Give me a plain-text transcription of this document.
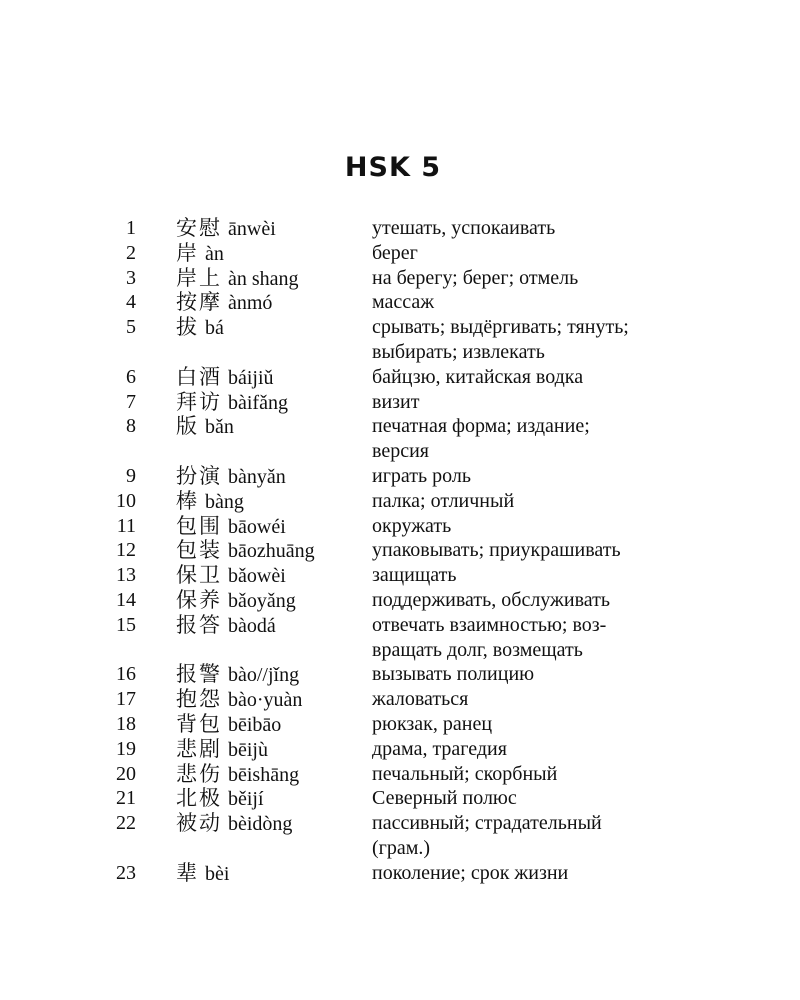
HSK 5
1 安慰 ānwèi	утешать, успокаивать
2 岸 àn	берег
3 岸上 àn shang	на берегу; берег; отмель
4 按摩 ànmó	массаж
5 拔 bá	срывать; выдёргивать; тянуть;
выбирать; извлекать
6 白酒 báijiǔ	байцзю, китайская водка
7 拜访 bàifǎng	визит
8 版 bǎn	печатная форма; издание;
версия
9 扮演 bànyǎn	играть роль
10 棒 bàng	палка; отличный
11 包围 bāowéi	окружать
12 包装 bāozhuāng	упаковывать; приукрашивать
13 保卫 bǎowèi	защищать
14 保养 bǎoyǎng	поддерживать, обслуживать
15 报答 bàodá	отвечать взаимностью; воз-
вращать долг, возмещать
16 报警 bào//jǐng	вызывать полицию
17 抱怨 bào·yuàn	жаловаться
18 背包 bēibāo	рюкзак, ранец
19 悲剧 bēijù	драма, трагедия
20 悲伤 bēishāng	печальный; скорбный
21 北极 běijí	Северный полюс
22 被动 bèidòng	пассивный; страдательный
(грам.)
23 辈 bèi	поколение; срок жизни
